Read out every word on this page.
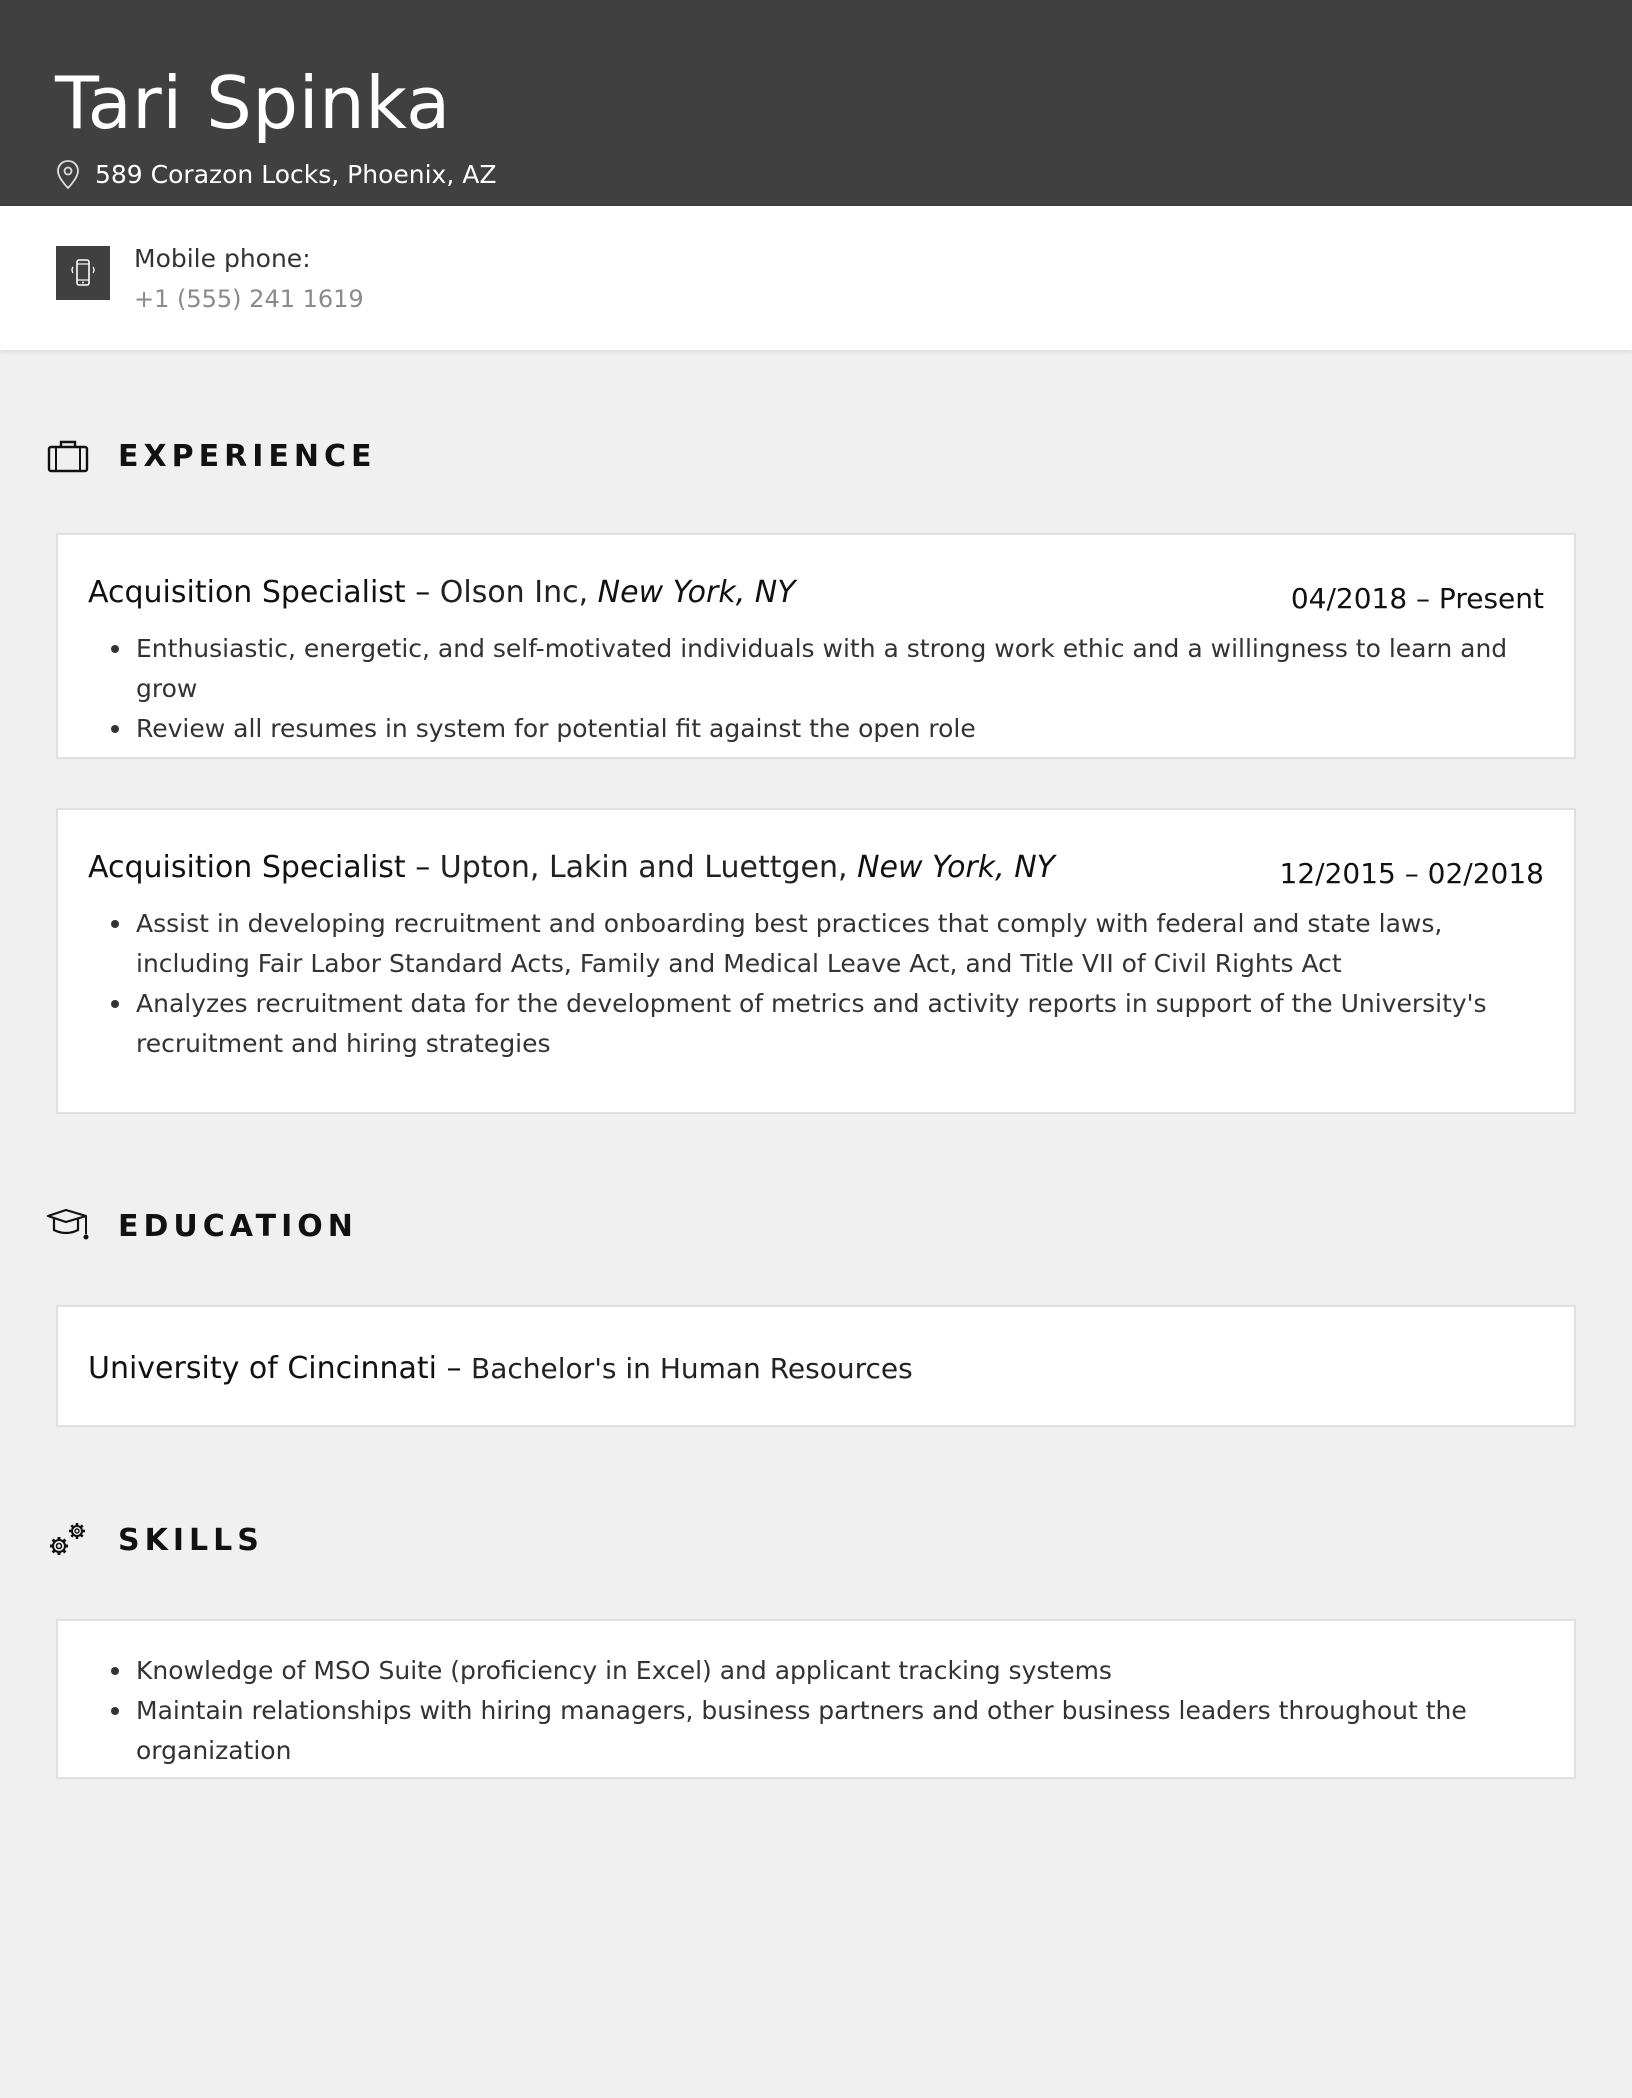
Tari Spinka
589 Corazon Locks, Phoenix, AZ
Mobile phone:
+1 (555) 241 1619
EXPERIENCE
Acquisition Specialist – Olson Inc, New York, NY	04/2018 – Present
Enthusiastic, energetic, and self-motivated individuals with a strong work ethic and a willingness to learn and grow
Review all resumes in system for potential fit against the open role
Acquisition Specialist – Upton, Lakin and Luettgen, New York, NY	12/2015 – 02/2018
Assist in developing recruitment and onboarding best practices that comply with federal and state laws, including Fair Labor Standard Acts, Family and Medical Leave Act, and Title VII of Civil Rights Act
Analyzes recruitment data for the development of metrics and activity reports in support of the University's recruitment and hiring strategies
EDUCATION
University of Cincinnati – Bachelor's in Human Resources
SKILLS
Knowledge of MSO Suite (proficiency in Excel) and applicant tracking systems
Maintain relationships with hiring managers, business partners and other business leaders throughout the organization
